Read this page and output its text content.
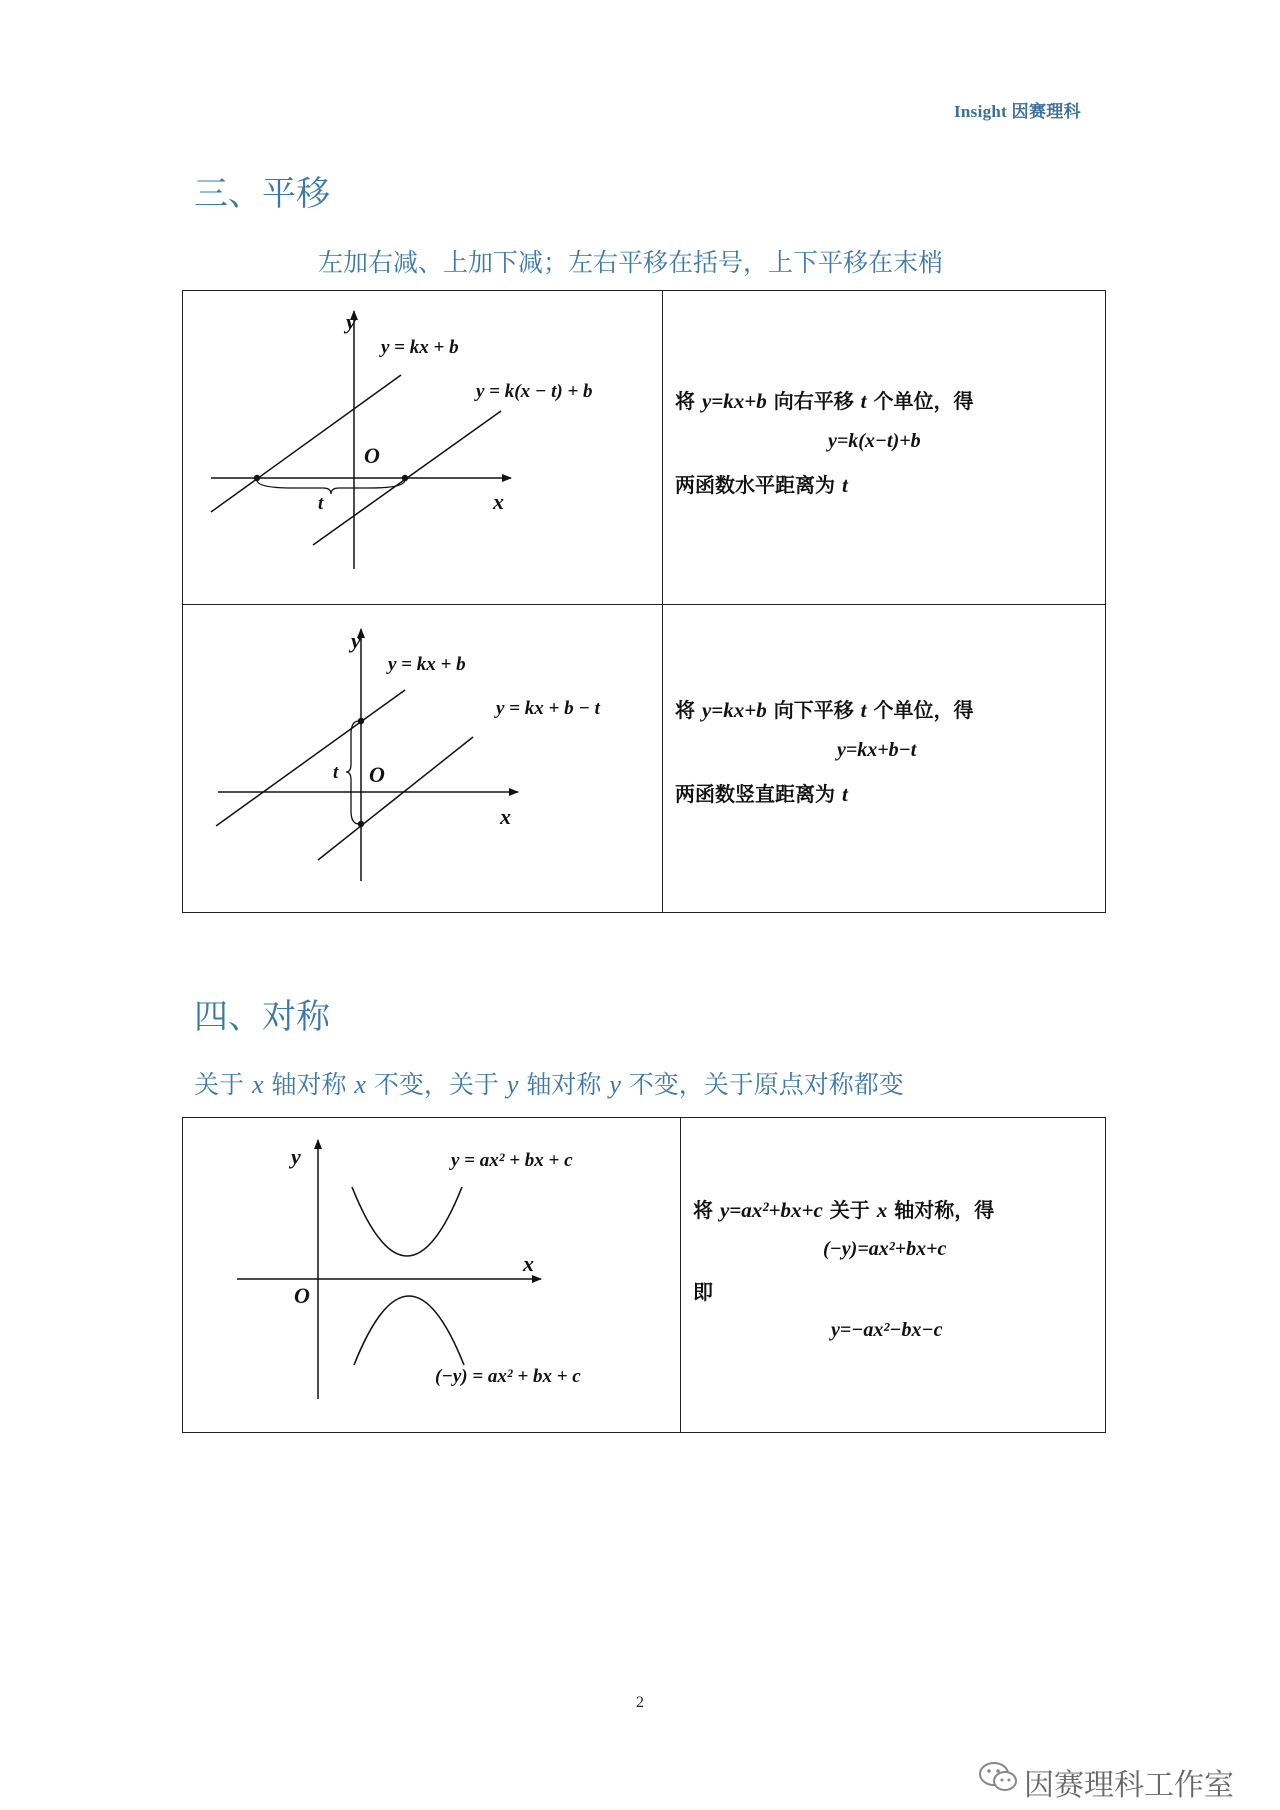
Insight 因赛理科
三、平移
左加右减、上加下减；左右平移在括号，上下平移在末梢
y
x
O
t
y = kx + b
y = k(x − t) + b	将 y=kx+b 向右平移 t 个单位，得
y=k(x−t)+b
两函数水平距离为 t
y
x
O
t
y = kx + b
y = kx + b − t	将 y=kx+b 向下平移 t 个单位，得
y=kx+b−t
两函数竖直距离为 t
四、对称
关于 x 轴对称 x 不变，关于 y 轴对称 y 不变，关于原点对称都变
y
x
O
y = ax² + bx + c
(−y) = ax² + bx + c
将 y=ax²+bx+c 关于 x 轴对称，得
(−y)=ax²+bx+c
即
y=−ax²−bx−c
2
因赛理科工作室
